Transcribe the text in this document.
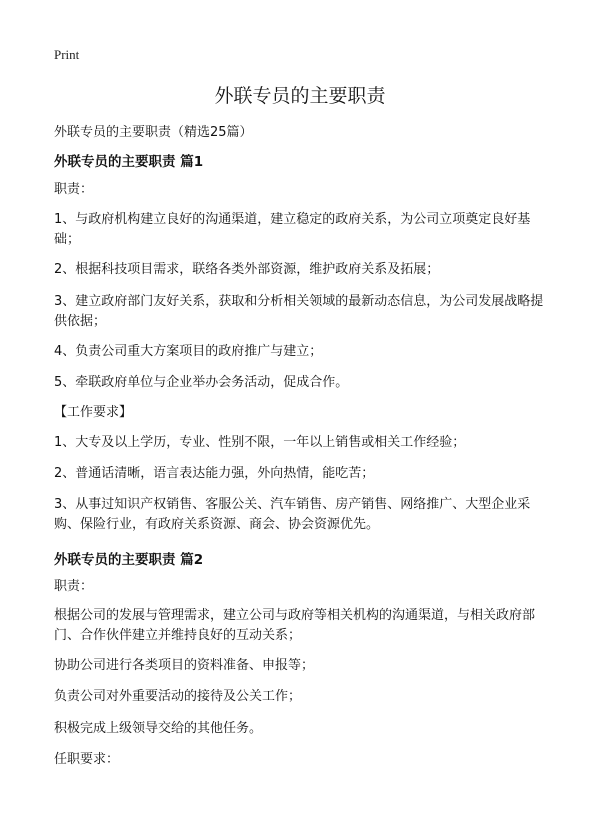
Print
外联专员的主要职责
外联专员的主要职责（精选25篇）
外联专员的主要职责 篇1
职责：
1、与政府机构建立良好的沟通渠道，建立稳定的政府关系，为公司立项奠定良好基础；
2、根据科技项目需求，联络各类外部资源，维护政府关系及拓展；
3、建立政府部门友好关系，获取和分析相关领域的最新动态信息，为公司发展战略提供依据；
4、负责公司重大方案项目的政府推广与建立；
5、牵联政府单位与企业举办会务活动，促成合作。
【工作要求】
1、大专及以上学历，专业、性别不限，一年以上销售或相关工作经验；
2、普通话清晰，语言表达能力强，外向热情，能吃苦；
3、从事过知识产权销售、客服公关、汽车销售、房产销售、网络推广、大型企业采购、保险行业，有政府关系资源、商会、协会资源优先。
外联专员的主要职责 篇2
职责：
根据公司的发展与管理需求，建立公司与政府等相关机构的沟通渠道，与相关政府部门、合作伙伴建立并维持良好的互动关系；
协助公司进行各类项目的资料准备、申报等；
负责公司对外重要活动的接待及公关工作；
积极完成上级领导交给的其他任务。
任职要求：
